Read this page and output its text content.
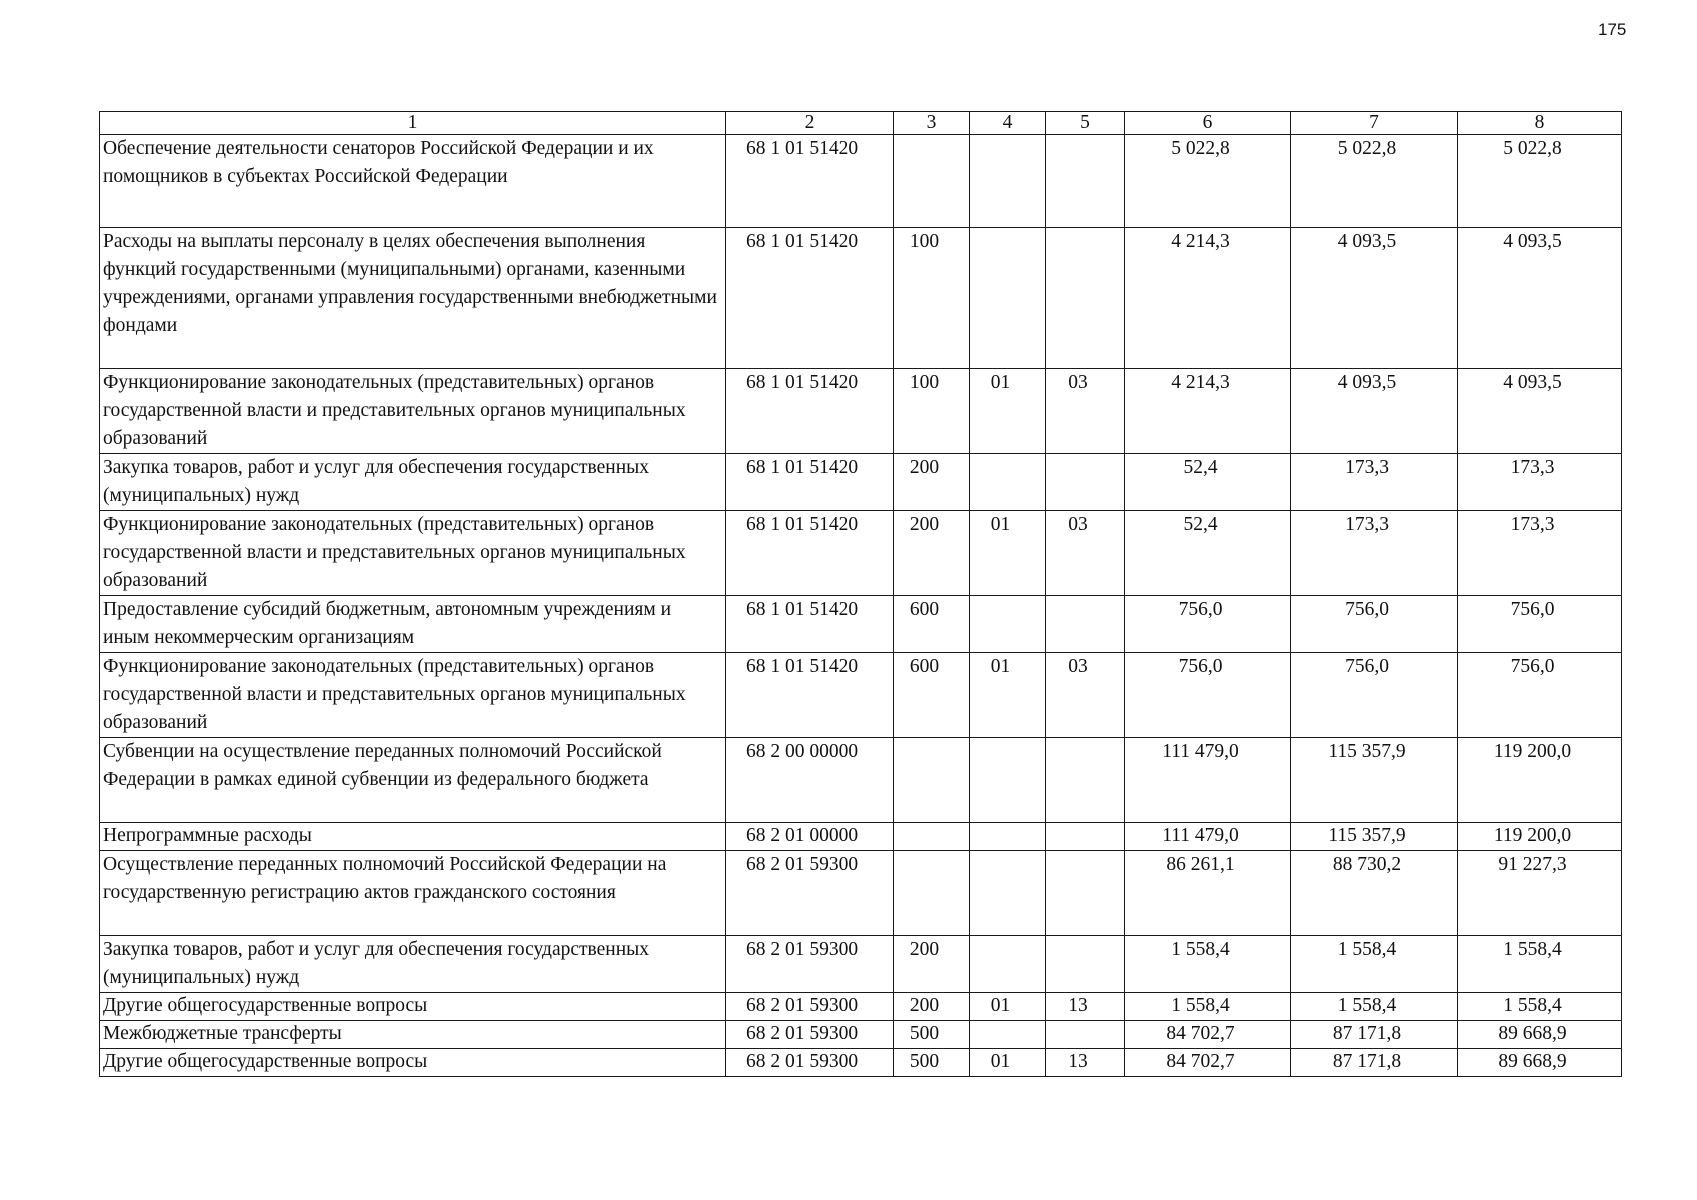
175
1	2	3	4	5	6	7	8
Обеспечение деятельности сенаторов Российской Федерации и их помощников в субъектах Российской Федерации	68 1 01 51420				5 022,8	5 022,8	5 022,8
Расходы на выплаты персоналу в целях обеспечения выполнения функций государственными (муниципальными) органами, казенными учреждениями, органами управления государственными внебюджетными фондами	68 1 01 51420	100			4 214,3	4 093,5	4 093,5
Функционирование законодательных (представительных) органов государственной власти и представительных органов муниципальных образований	68 1 01 51420	100	01	03	4 214,3	4 093,5	4 093,5
Закупка товаров, работ и услуг для обеспечения государственных (муниципальных) нужд	68 1 01 51420	200			52,4	173,3	173,3
Функционирование законодательных (представительных) органов государственной власти и представительных органов муниципальных образований	68 1 01 51420	200	01	03	52,4	173,3	173,3
Предоставление субсидий бюджетным, автономным учреждениям и иным некоммерческим организациям	68 1 01 51420	600			756,0	756,0	756,0
Функционирование законодательных (представительных) органов государственной власти и представительных органов муниципальных образований	68 1 01 51420	600	01	03	756,0	756,0	756,0
Субвенции на осуществление переданных полномочий Российской Федерации в рамках единой субвенции из федерального бюджета	68 2 00 00000				111 479,0	115 357,9	119 200,0
Непрограммные расходы	68 2 01 00000				111 479,0	115 357,9	119 200,0
Осуществление переданных полномочий Российской Федерации на государственную регистрацию актов гражданского состояния	68 2 01 59300				86 261,1	88 730,2	91 227,3
Закупка товаров, работ и услуг для обеспечения государственных (муниципальных) нужд	68 2 01 59300	200			1 558,4	1 558,4	1 558,4
Другие общегосударственные вопросы	68 2 01 59300	200	01	13	1 558,4	1 558,4	1 558,4
Межбюджетные трансферты	68 2 01 59300	500			84 702,7	87 171,8	89 668,9
Другие общегосударственные вопросы	68 2 01 59300	500	01	13	84 702,7	87 171,8	89 668,9
